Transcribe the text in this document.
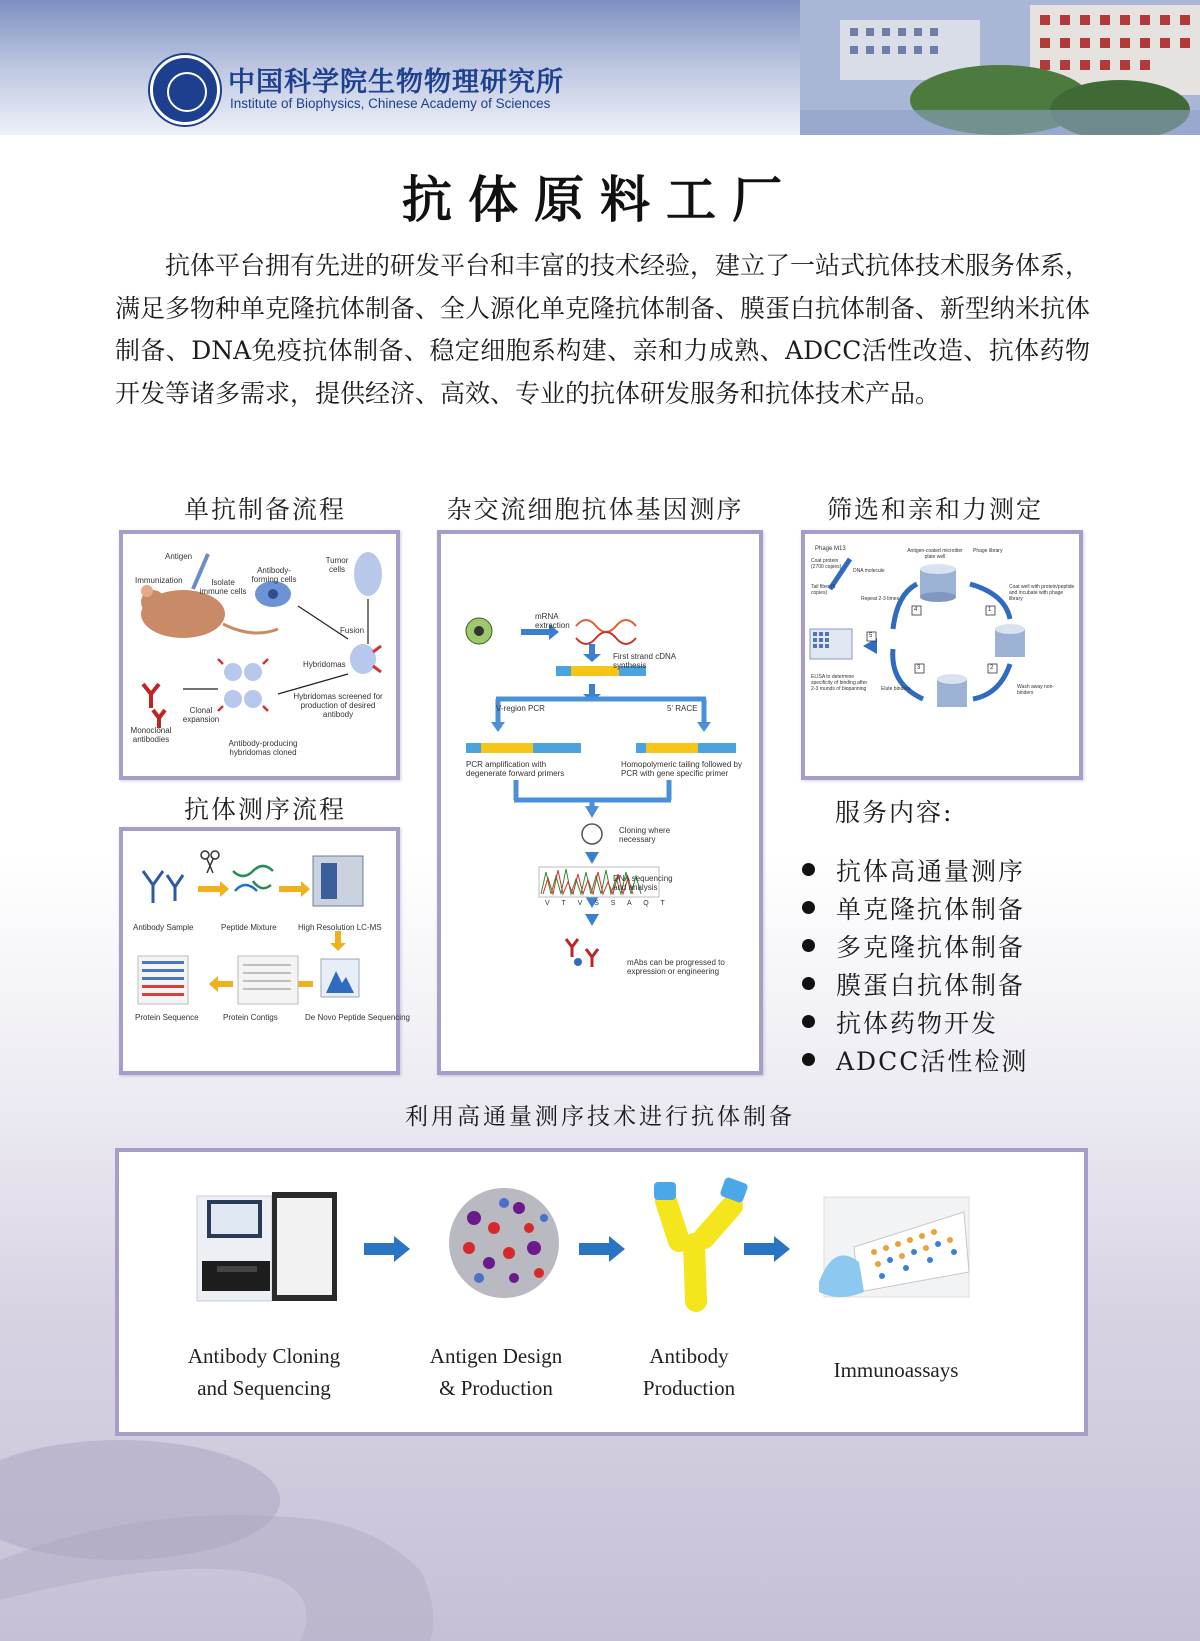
中国科学院生物物理研究所
Institute of Biophysics, Chinese Academy of Sciences
抗体原料工厂
抗体平台拥有先进的研发平台和丰富的技术经验，建立了一站式抗体技术服务体系，满足多物种单克隆抗体制备、全人源化单克隆抗体制备、膜蛋白抗体制备、新型纳米抗体制备、DNA免疫抗体制备、稳定细胞系构建、亲和力成熟、ADCC活性改造、抗体药物开发等诸多需求，提供经济、高效、专业的抗体研发服务和抗体技术产品。
单抗制备流程	杂交流细胞抗体基因测序	筛选和亲和力测定
抗体测序流程
Antigen
Immunization	Isolate immune cells
Antibody-forming cells
Tumor cells
Fusion
Hybridomas
Hybridomas screened for production of desired antibody
Clonal expansion
Monoclonal antibodies	Antibody-producing hybridomas cloned
Antibody Sample	Peptide Mixture	High Resolution LC-MS
Protein Sequence	Protein Contigs	De Novo Peptide Sequencing
mRNA extraction
First strand cDNA synthesis
V-region PCR	5' RACE
PCR amplification with degenerate forward primers
Homopolymeric tailing followed by PCR with gene specific primer
Cloning where necessary
DNA sequencing and analysis
V T V S S A Q T
mAbs can be progressed to expression or engineering
1
2
3
4
5
Phage M13
Coat protein (2700 copies)
DNA molecule
Tail fiber (5 copies)
Antigen-coated microtiter plate well
Phage library
Coat well with protein/peptide and incubate with phage library
Repeat 2-3 times
Wash away non-binders
Elute binders
ELISA to determine specificity of binding after 2-3 rounds of biopanning
服务内容:
抗体高通量测序
单克隆抗体制备
多克隆抗体制备
膜蛋白抗体制备
抗体药物开发
ADCC活性检测
利用高通量测序技术进行抗体制备
Antibody Cloning
and Sequencing
Antigen Design
& Production
Antibody
Production
Immunoassays
